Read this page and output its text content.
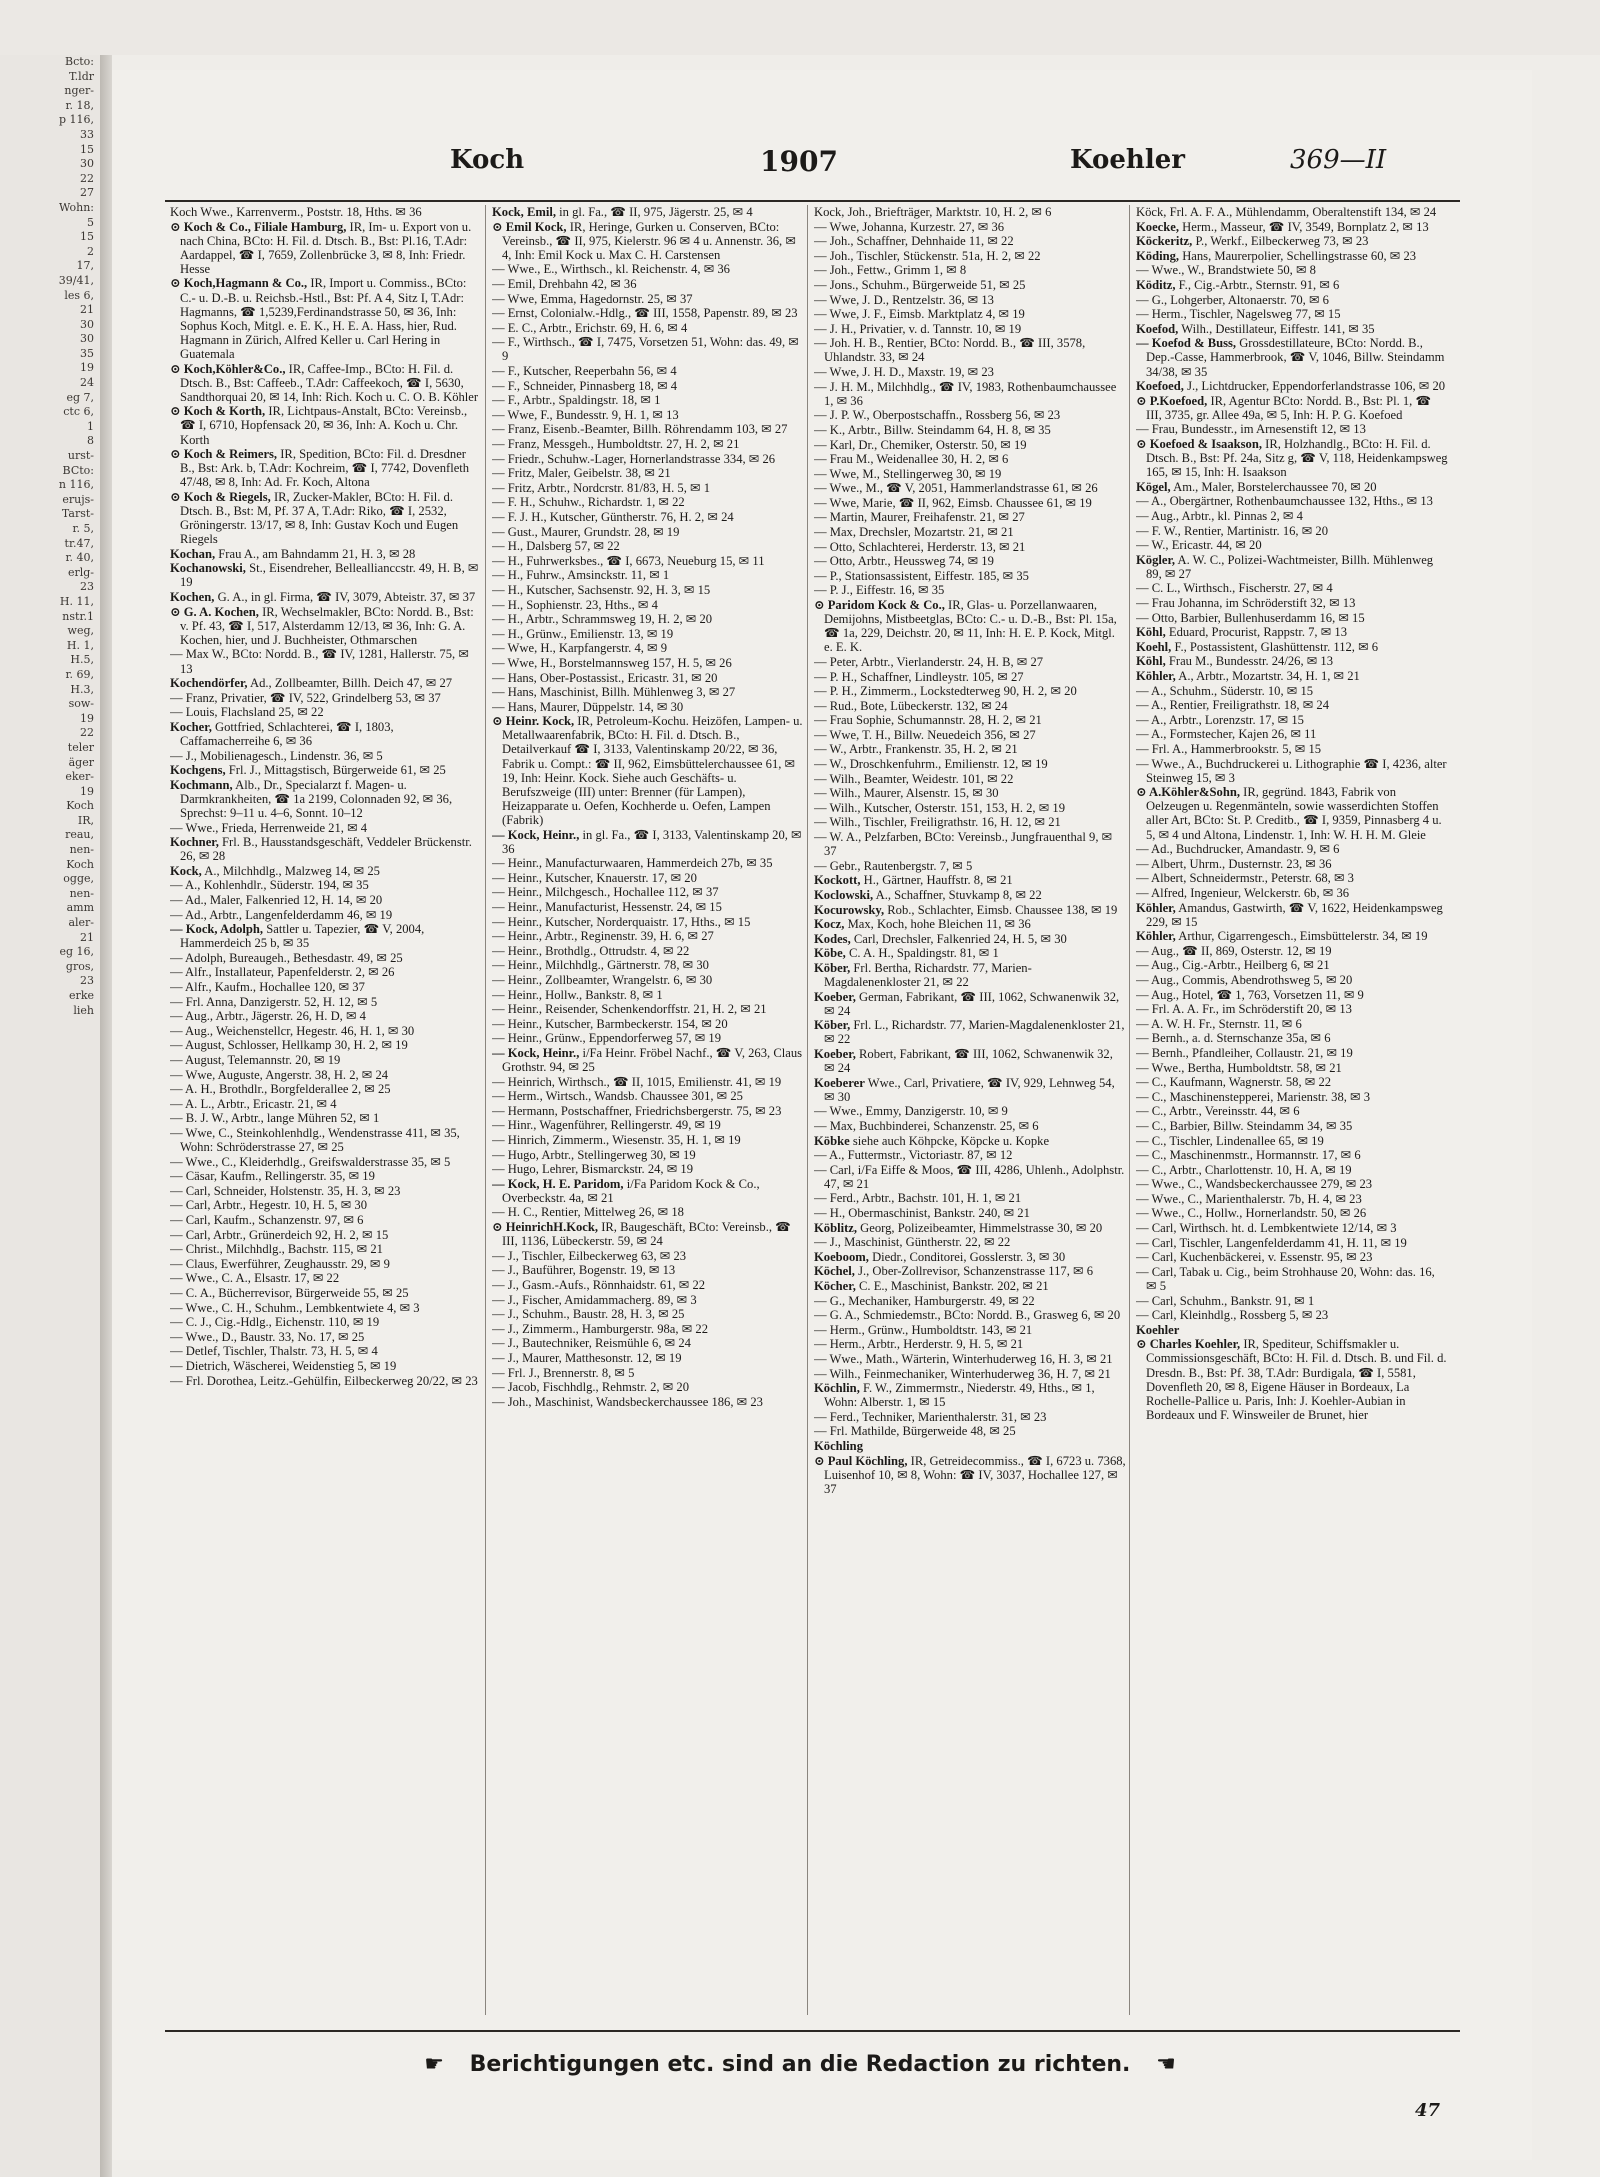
Bcto:
T.ldr
nger-
r. 18,
p 116,
33
15
30
22
27
Wohn:
5
15
2
17,
39/41,
les 6,
21
30
30
35
19
24
eg 7,
ctc 6,
1
8
urst-
BCto:
n 116,
erujs-
Tarst-
r. 5,
tr.47,
r. 40,
erlg-
23
H. 11,
nstr.1
weg,
H. 1,
H.5,
r. 69,
H.3,
sow-
19
22
teler
äger
eker-
19
Koch
IR,
reau,
nen-
Koch
ogge,
nen-
amm
aler-
21
eg 16,
gros,
23
erke
lieh
Koch	1907	Koehler	369—II
Koch Wwe., Karrenverm., Poststr. 18, Hths. ✉ 36
⊙ Koch & Co., Filiale Hamburg, IR, Im- u. Export von u. nach China, BCto: H. Fil. d. Dtsch. B., Bst: Pl.16, T.Adr: Aardappel, ☎ I, 7659, Zollenbrücke 3, ✉ 8, Inh: Friedr. Hesse
⊙ Koch,Hagmann & Co., IR, Import u. Commiss., BCto: C.- u. D.-B. u. Reichsb.-Hstl., Bst: Pf. A 4, Sitz I, T.Adr: Hagmanns, ☎ 1,5239,Ferdinandstrasse 50, ✉ 36, Inh: Sophus Koch, Mitgl. e. E. K., H. E. A. Hass, hier, Rud. Hagmann in Zürich, Alfred Keller u. Carl Hering in Guatemala
⊙ Koch,Köhler&Co., IR, Caffee-Imp., BCto: H. Fil. d. Dtsch. B., Bst: Caffeeb., T.Adr: Caffeekoch, ☎ I, 5630, Sandthorquai 20, ✉ 14, Inh: Rich. Koch u. C. O. B. Köhler
⊙ Koch & Korth, IR, Lichtpaus-Anstalt, BCto: Vereinsb., ☎ I, 6710, Hopfensack 20, ✉ 36, Inh: A. Koch u. Chr. Korth
⊙ Koch & Reimers, IR, Spedition, BCto: Fil. d. Dresdner B., Bst: Ark. b, T.Adr: Kochreim, ☎ I, 7742, Dovenfleth 47/48, ✉ 8, Inh: Ad. Fr. Koch, Altona
⊙ Koch & Riegels, IR, Zucker-Makler, BCto: H. Fil. d. Dtsch. B., Bst: M, Pf. 37 A, T.Adr: Riko, ☎ I, 2532, Gröningerstr. 13/17, ✉ 8, Inh: Gustav Koch und Eugen Riegels
Kochan, Frau A., am Bahndamm 21, H. 3, ✉ 28
Kochanowski, St., Eisendreher, Belleallianccstr. 49, H. B, ✉ 19
Kochen, G. A., in gl. Firma, ☎ IV, 3079, Abteistr. 37, ✉ 37
⊙ G. A. Kochen, IR, Wechselmakler, BCto: Nordd. B., Bst: v. Pf. 43, ☎ I, 517, Alsterdamm 12/13, ✉ 36, Inh: G. A. Kochen, hier, und J. Buchheister, Othmarschen
— Max W., BCto: Nordd. B., ☎ IV, 1281, Hallerstr. 75, ✉ 13
Kochendörfer, Ad., Zollbeamter, Billh. Deich 47, ✉ 27
— Franz, Privatier, ☎ IV, 522, Grindelberg 53, ✉ 37
— Louis, Flachsland 25, ✉ 22
Kocher, Gottfried, Schlachterei, ☎ I, 1803, Caffamacherreihe 6, ✉ 36
— J., Mobilienagesch., Lindenstr. 36, ✉ 5
Kochgens, Frl. J., Mittagstisch, Bürgerweide 61, ✉ 25
Kochmann, Alb., Dr., Specialarzt f. Magen- u. Darmkrankheiten, ☎ 1a 2199, Colonnaden 92, ✉ 36, Sprechst: 9–11 u. 4–6, Sonnt. 10–12
— Wwe., Frieda, Herrenweide 21, ✉ 4
Kochner, Frl. B., Hausstandsgeschäft, Veddeler Brückenstr. 26, ✉ 28
Kock, A., Milchhdlg., Malzweg 14, ✉ 25
— A., Kohlenhdlr., Süderstr. 194, ✉ 35
— Ad., Maler, Falkenried 12, H. 14, ✉ 20
— Ad., Arbtr., Langenfelderdamm 46, ✉ 19
— Kock, Adolph, Sattler u. Tapezier, ☎ V, 2004, Hammerdeich 25 b, ✉ 35
— Adolph, Bureaugeh., Bethesdastr. 49, ✉ 25
— Alfr., Installateur, Papenfelderstr. 2, ✉ 26
— Alfr., Kaufm., Hochallee 120, ✉ 37
— Frl. Anna, Danzigerstr. 52, H. 12, ✉ 5
— Aug., Arbtr., Jägerstr. 26, H. D, ✉ 4
— Aug., Weichenstellcr, Hegestr. 46, H. 1, ✉ 30
— August, Schlosser, Hellkamp 30, H. 2, ✉ 19
— August, Telemannstr. 20, ✉ 19
— Wwe, Auguste, Angerstr. 38, H. 2, ✉ 24
— A. H., Brothdlr., Borgfelderallee 2, ✉ 25
— A. L., Arbtr., Ericastr. 21, ✉ 4
— B. J. W., Arbtr., lange Mühren 52, ✉ 1
— Wwe, C., Steinkohlenhdlg., Wendenstrasse 411, ✉ 35, Wohn: Schröderstrasse 27, ✉ 25
— Wwe., C., Kleiderhdlg., Greifswalderstrasse 35, ✉ 5
— Cäsar, Kaufm., Rellingerstr. 35, ✉ 19
— Carl, Schneider, Holstenstr. 35, H. 3, ✉ 23
— Carl, Arbtr., Hegestr. 10, H. 5, ✉ 30
— Carl, Kaufm., Schanzenstr. 97, ✉ 6
— Carl, Arbtr., Grünerdeich 92, H. 2, ✉ 15
— Christ., Milchhdlg., Bachstr. 115, ✉ 21
— Claus, Ewerführer, Zeughausstr. 29, ✉ 9
— Wwe., C. A., Elsastr. 17, ✉ 22
— C. A., Bücherrevisor, Bürgerweide 55, ✉ 25
— Wwe., C. H., Schuhm., Lembkentwiete 4, ✉ 3
— C. J., Cig.-Hdlg., Eichenstr. 110, ✉ 19
— Wwe., D., Baustr. 33, No. 17, ✉ 25
— Detlef, Tischler, Thalstr. 73, H. 5, ✉ 4
— Dietrich, Wäscherei, Weidenstieg 5, ✉ 19
— Frl. Dorothea, Leitz.-Gehülfin, Eilbeckerweg 20/22, ✉ 23
Kock, Emil, in gl. Fa., ☎ II, 975, Jägerstr. 25, ✉ 4
⊙ Emil Kock, IR, Heringe, Gurken u. Conserven, BCto: Vereinsb., ☎ II, 975, Kielerstr. 96 ✉ 4 u. Annenstr. 36, ✉ 4, Inh: Emil Kock u. Max C. H. Carstensen
— Wwe., E., Wirthsch., kl. Reichenstr. 4, ✉ 36
— Emil, Drehbahn 42, ✉ 36
— Wwe, Emma, Hagedornstr. 25, ✉ 37
— Ernst, Colonialw.-Hdlg., ☎ III, 1558, Papenstr. 89, ✉ 23
— E. C., Arbtr., Erichstr. 69, H. 6, ✉ 4
— F., Wirthsch., ☎ I, 7475, Vorsetzen 51, Wohn: das. 49, ✉ 9
— F., Kutscher, Reeperbahn 56, ✉ 4
— F., Schneider, Pinnasberg 18, ✉ 4
— F., Arbtr., Spaldingstr. 18, ✉ 1
— Wwe, F., Bundesstr. 9, H. 1, ✉ 13
— Franz, Eisenb.-Beamter, Billh. Röhrendamm 103, ✉ 27
— Franz, Messgeh., Humboldtstr. 27, H. 2, ✉ 21
— Friedr., Schuhw.-Lager, Hornerlandstrasse 334, ✉ 26
— Fritz, Maler, Geibelstr. 38, ✉ 21
— Fritz, Arbtr., Nordcrstr. 81/83, H. 5, ✉ 1
— F. H., Schuhw., Richardstr. 1, ✉ 22
— F. J. H., Kutscher, Güntherstr. 76, H. 2, ✉ 24
— Gust., Maurer, Grundstr. 28, ✉ 19
— H., Dalsberg 57, ✉ 22
— H., Fuhrwerksbes., ☎ I, 6673, Neueburg 15, ✉ 11
— H., Fuhrw., Amsinckstr. 11, ✉ 1
— H., Kutscher, Sachsenstr. 92, H. 3, ✉ 15
— H., Sophienstr. 23, Hths., ✉ 4
— H., Arbtr., Schrammsweg 19, H. 2, ✉ 20
— H., Grünw., Emilienstr. 13, ✉ 19
— Wwe, H., Karpfangerstr. 4, ✉ 9
— Wwe, H., Borstelmannsweg 157, H. 5, ✉ 26
— Hans, Ober-Postassist., Ericastr. 31, ✉ 20
— Hans, Maschinist, Billh. Mühlenweg 3, ✉ 27
— Hans, Maurer, Düppelstr. 14, ✉ 30
⊙ Heinr. Kock, IR, Petroleum-Kochu. Heizöfen, Lampen- u. Metallwaarenfabrik, BCto: H. Fil. d. Dtsch. B., Detailverkauf ☎ I, 3133, Valentinskamp 20/22, ✉ 36, Fabrik u. Compt.: ☎ II, 962, Eimsbüttelerchaussee 61, ✉ 19, Inh: Heinr. Kock. Siehe auch Geschäfts- u. Berufszweige (III) unter: Brenner (für Lampen), Heizapparate u. Oefen, Kochherde u. Oefen, Lampen (Fabrik)
— Kock, Heinr., in gl. Fa., ☎ I, 3133, Valentinskamp 20, ✉ 36
— Heinr., Manufacturwaaren, Hammerdeich 27b, ✉ 35
— Heinr., Kutscher, Knauerstr. 17, ✉ 20
— Heinr., Milchgesch., Hochallee 112, ✉ 37
— Heinr., Manufacturist, Hessenstr. 24, ✉ 15
— Heinr., Kutscher, Norderquaistr. 17, Hths., ✉ 15
— Heinr., Arbtr., Reginenstr. 39, H. 6, ✉ 27
— Heinr., Brothdlg., Ottrudstr. 4, ✉ 22
— Heinr., Milchhdlg., Gärtnerstr. 78, ✉ 30
— Heinr., Zollbeamter, Wrangelstr. 6, ✉ 30
— Heinr., Hollw., Bankstr. 8, ✉ 1
— Heinr., Reisender, Schenkendorffstr. 21, H. 2, ✉ 21
— Heinr., Kutscher, Barmbeckerstr. 154, ✉ 20
— Heinr., Grünw., Eppendorferweg 57, ✉ 19
— Kock, Heinr., i/Fa Heinr. Fröbel Nachf., ☎ V, 263, Claus Grothstr. 94, ✉ 25
— Heinrich, Wirthsch., ☎ II, 1015, Emilienstr. 41, ✉ 19
— Herm., Wirtsch., Wandsb. Chaussee 301, ✉ 25
— Hermann, Postschaffner, Friedrichsbergerstr. 75, ✉ 23
— Hinr., Wagenführer, Rellingerstr. 49, ✉ 19
— Hinrich, Zimmerm., Wiesenstr. 35, H. 1, ✉ 19
— Hugo, Arbtr., Stellingerweg 30, ✉ 19
— Hugo, Lehrer, Bismarckstr. 24, ✉ 19
— Kock, H. E. Paridom, i/Fa Paridom Kock & Co., Overbeckstr. 4a, ✉ 21
— H. C., Rentier, Mittelweg 26, ✉ 18
⊙ HeinrichH.Kock, IR, Baugeschäft, BCto: Vereinsb., ☎ III, 1136, Lübeckerstr. 59, ✉ 24
— J., Tischler, Eilbeckerweg 63, ✉ 23
— J., Bauführer, Bogenstr. 19, ✉ 13
— J., Gasm.-Aufs., Rönnhaidstr. 61, ✉ 22
— J., Fischer, Amidammacherg. 89, ✉ 3
— J., Schuhm., Baustr. 28, H. 3, ✉ 25
— J., Zimmerm., Hamburgerstr. 98a, ✉ 22
— J., Bautechniker, Reismühle 6, ✉ 24
— J., Maurer, Matthesonstr. 12, ✉ 19
— Frl. J., Brennerstr. 8, ✉ 5
— Jacob, Fischhdlg., Rehmstr. 2, ✉ 20
— Joh., Maschinist, Wandsbeckerchaussee 186, ✉ 23
Kock, Joh., Briefträger, Marktstr. 10, H. 2, ✉ 6
— Wwe, Johanna, Kurzestr. 27, ✉ 36
— Joh., Schaffner, Dehnhaide 11, ✉ 22
— Joh., Tischler, Stückenstr. 51a, H. 2, ✉ 22
— Joh., Fettw., Grimm 1, ✉ 8
— Jons., Schuhm., Bürgerweide 51, ✉ 25
— Wwe, J. D., Rentzelstr. 36, ✉ 13
— Wwe, J. F., Eimsb. Marktplatz 4, ✉ 19
— J. H., Privatier, v. d. Tannstr. 10, ✉ 19
— Joh. H. B., Rentier, BCto: Nordd. B., ☎ III, 3578, Uhlandstr. 33, ✉ 24
— Wwe, J. H. D., Maxstr. 19, ✉ 23
— J. H. M., Milchhdlg., ☎ IV, 1983, Rothenbaumchaussee 1, ✉ 36
— J. P. W., Oberpostschaffn., Rossberg 56, ✉ 23
— K., Arbtr., Billw. Steindamm 64, H. 8, ✉ 35
— Karl, Dr., Chemiker, Osterstr. 50, ✉ 19
— Frau M., Weidenallee 30, H. 2, ✉ 6
— Wwe, M., Stellingerweg 30, ✉ 19
— Wwe., M., ☎ V, 2051, Hammerlandstrasse 61, ✉ 26
— Wwe, Marie, ☎ II, 962, Eimsb. Chaussee 61, ✉ 19
— Martin, Maurer, Freihafenstr. 21, ✉ 27
— Max, Drechsler, Mozartstr. 21, ✉ 21
— Otto, Schlachterei, Herderstr. 13, ✉ 21
— Otto, Arbtr., Heussweg 74, ✉ 19
— P., Stationsassistent, Eiffestr. 185, ✉ 35
— P. J., Eiffestr. 16, ✉ 35
⊙ Paridom Kock & Co., IR, Glas- u. Porzellanwaaren, Demijohns, Mistbeetglas, BCto: C.- u. D.-B., Bst: Pl. 15a, ☎ 1a, 229, Deichstr. 20, ✉ 11, Inh: H. E. P. Kock, Mitgl. e. E. K.
— Peter, Arbtr., Vierlanderstr. 24, H. B, ✉ 27
— P. H., Schaffner, Lindleystr. 105, ✉ 27
— P. H., Zimmerm., Lockstedterweg 90, H. 2, ✉ 20
— Rud., Bote, Lübeckerstr. 132, ✉ 24
— Frau Sophie, Schumannstr. 28, H. 2, ✉ 21
— Wwe, T. H., Billw. Neuedeich 356, ✉ 27
— W., Arbtr., Frankenstr. 35, H. 2, ✉ 21
— W., Droschkenfuhrm., Emilienstr. 12, ✉ 19
— Wilh., Beamter, Weidestr. 101, ✉ 22
— Wilh., Maurer, Alsenstr. 15, ✉ 30
— Wilh., Kutscher, Osterstr. 151, 153, H. 2, ✉ 19
— Wilh., Tischler, Freiligrathstr. 16, H. 12, ✉ 21
— W. A., Pelzfarben, BCto: Vereinsb., Jungfrauenthal 9, ✉ 37
— Gebr., Rautenbergstr. 7, ✉ 5
Kockott, H., Gärtner, Hauffstr. 8, ✉ 21
Koclowski, A., Schaffner, Stuvkamp 8, ✉ 22
Kocurowsky, Rob., Schlachter, Eimsb. Chaussee 138, ✉ 19
Kocz, Max, Koch, hohe Bleichen 11, ✉ 36
Kodes, Carl, Drechsler, Falkenried 24, H. 5, ✉ 30
Köbe, C. A. H., Spaldingstr. 81, ✉ 1
Köber, Frl. Bertha, Richardstr. 77, Marien-Magdalenenkloster 21, ✉ 22
Koeber, German, Fabrikant, ☎ III, 1062, Schwanenwik 32, ✉ 24
Köber, Frl. L., Richardstr. 77, Marien-Magdalenenkloster 21, ✉ 22
Koeber, Robert, Fabrikant, ☎ III, 1062, Schwanenwik 32, ✉ 24
Koeberer Wwe., Carl, Privatiere, ☎ IV, 929, Lehnweg 54, ✉ 30
— Wwe., Emmy, Danzigerstr. 10, ✉ 9
— Max, Buchbinderei, Schanzenstr. 25, ✉ 6
Köbke siehe auch Köhpcke, Köpcke u. Kopke
— A., Futtermstr., Victoriastr. 87, ✉ 12
— Carl, i/Fa Eiffe & Moos, ☎ III, 4286, Uhlenh., Adolphstr. 47, ✉ 21
— Ferd., Arbtr., Bachstr. 101, H. 1, ✉ 21
— H., Obermaschinist, Bankstr. 240, ✉ 21
Köblitz, Georg, Polizeibeamter, Himmelstrasse 30, ✉ 20
— J., Maschinist, Güntherstr. 22, ✉ 22
Koeboom, Diedr., Conditorei, Gosslerstr. 3, ✉ 30
Köchel, J., Ober-Zollrevisor, Schanzenstrasse 117, ✉ 6
Köcher, C. E., Maschinist, Bankstr. 202, ✉ 21
— G., Mechaniker, Hamburgerstr. 49, ✉ 22
— G. A., Schmiedemstr., BCto: Nordd. B., Grasweg 6, ✉ 20
— Herm., Grünw., Humboldtstr. 143, ✉ 21
— Herm., Arbtr., Herderstr. 9, H. 5, ✉ 21
— Wwe., Math., Wärterin, Winterhuderweg 16, H. 3, ✉ 21
— Wilh., Feinmechaniker, Winterhuderweg 36, H. 7, ✉ 21
Köchlin, F. W., Zimmermstr., Niederstr. 49, Hths., ✉ 1, Wohn: Alberstr. 1, ✉ 15
— Ferd., Techniker, Marienthalerstr. 31, ✉ 23
— Frl. Mathilde, Bürgerweide 48, ✉ 25
Köchling
⊙ Paul Köchling, IR, Getreidecommiss., ☎ I, 6723 u. 7368, Luisenhof 10, ✉ 8, Wohn: ☎ IV, 3037, Hochallee 127, ✉ 37
Köck, Frl. A. F. A., Mühlendamm, Oberaltenstift 134, ✉ 24
Koecke, Herm., Masseur, ☎ IV, 3549, Bornplatz 2, ✉ 13
Köckeritz, P., Werkf., Eilbeckerweg 73, ✉ 23
Köding, Hans, Maurerpolier, Schellingstrasse 60, ✉ 23
— Wwe., W., Brandstwiete 50, ✉ 8
Köditz, F., Cig.-Arbtr., Sternstr. 91, ✉ 6
— G., Lohgerber, Altonaerstr. 70, ✉ 6
— Herm., Tischler, Nagelsweg 77, ✉ 15
Koefod, Wilh., Destillateur, Eiffestr. 141, ✉ 35
— Koefod & Buss, Grossdestillateure, BCto: Nordd. B., Dep.-Casse, Hammerbrook, ☎ V, 1046, Billw. Steindamm 34/38, ✉ 35
Koefoed, J., Lichtdrucker, Eppendorferlandstrasse 106, ✉ 20
⊙ P.Koefoed, IR, Agentur BCto: Nordd. B., Bst: Pl. 1, ☎ III, 3735, gr. Allee 49a, ✉ 5, Inh: H. P. G. Koefoed
— Frau, Bundesstr., im Arnesenstift 12, ✉ 13
⊙ Koefoed & Isaakson, IR, Holzhandlg., BCto: H. Fil. d. Dtsch. B., Bst: Pf. 24a, Sitz g, ☎ V, 118, Heidenkampsweg 165, ✉ 15, Inh: H. Isaakson
Kögel, Am., Maler, Borstelerchaussee 70, ✉ 20
— A., Obergärtner, Rothenbaumchaussee 132, Hths., ✉ 13
— Aug., Arbtr., kl. Pinnas 2, ✉ 4
— F. W., Rentier, Martinistr. 16, ✉ 20
— W., Ericastr. 44, ✉ 20
Kögler, A. W. C., Polizei-Wachtmeister, Billh. Mühlenweg 89, ✉ 27
— C. L., Wirthsch., Fischerstr. 27, ✉ 4
— Frau Johanna, im Schröderstift 32, ✉ 13
— Otto, Barbier, Bullenhuserdamm 16, ✉ 15
Köhl, Eduard, Procurist, Rappstr. 7, ✉ 13
Koehl, F., Postassistent, Glashüttenstr. 112, ✉ 6
Köhl, Frau M., Bundesstr. 24/26, ✉ 13
Köhler, A., Arbtr., Mozartstr. 34, H. 1, ✉ 21
— A., Schuhm., Süderstr. 10, ✉ 15
— A., Rentier, Freiligrathstr. 18, ✉ 24
— A., Arbtr., Lorenzstr. 17, ✉ 15
— A., Formstecher, Kajen 26, ✉ 11
— Frl. A., Hammerbrookstr. 5, ✉ 15
— Wwe., A., Buchdruckerei u. Lithographie ☎ I, 4236, alter Steinweg 15, ✉ 3
⊙ A.Köhler&Sohn, IR, gegründ. 1843, Fabrik von Oelzeugen u. Regenmänteln, sowie wasserdichten Stoffen aller Art, BCto: St. P. Creditb., ☎ I, 9359, Pinnasberg 4 u. 5, ✉ 4 und Altona, Lindenstr. 1, Inh: W. H. H. M. Gleie
— Ad., Buchdrucker, Amandastr. 9, ✉ 6
— Albert, Uhrm., Dusternstr. 23, ✉ 36
— Albert, Schneidermstr., Peterstr. 68, ✉ 3
— Alfred, Ingenieur, Welckerstr. 6b, ✉ 36
Köhler, Amandus, Gastwirth, ☎ V, 1622, Heidenkampsweg 229, ✉ 15
Köhler, Arthur, Cigarrengesch., Eimsbüttelerstr. 34, ✉ 19
— Aug., ☎ II, 869, Osterstr. 12, ✉ 19
— Aug., Cig.-Arbtr., Heilberg 6, ✉ 21
— Aug., Commis, Abendrothsweg 5, ✉ 20
— Aug., Hotel, ☎ 1, 763, Vorsetzen 11, ✉ 9
— Frl. A. A. Fr., im Schröderstift 20, ✉ 13
— A. W. H. Fr., Sternstr. 11, ✉ 6
— Bernh., a. d. Sternschanze 35a, ✉ 6
— Bernh., Pfandleiher, Collaustr. 21, ✉ 19
— Wwe., Bertha, Humboldtstr. 58, ✉ 21
— C., Kaufmann, Wagnerstr. 58, ✉ 22
— C., Maschinenstepperei, Marienstr. 38, ✉ 3
— C., Arbtr., Vereinsstr. 44, ✉ 6
— C., Barbier, Billw. Steindamm 34, ✉ 35
— C., Tischler, Lindenallee 65, ✉ 19
— C., Maschinenmstr., Hormannstr. 17, ✉ 6
— C., Arbtr., Charlottenstr. 10, H. A, ✉ 19
— Wwe., C., Wandsbeckerchaussee 279, ✉ 23
— Wwe., C., Marienthalerstr. 7b, H. 4, ✉ 23
— Wwe., C., Hollw., Hornerlandstr. 50, ✉ 26
— Carl, Wirthsch. ht. d. Lembkentwiete 12/14, ✉ 3
— Carl, Tischler, Langenfelderdamm 41, H. 11, ✉ 19
— Carl, Kuchenbäckerei, v. Essenstr. 95, ✉ 23
— Carl, Tabak u. Cig., beim Strohhause 20, Wohn: das. 16, ✉ 5
— Carl, Schuhm., Bankstr. 91, ✉ 1
— Carl, Kleinhdlg., Rossberg 5, ✉ 23
Koehler
⊙ Charles Koehler, IR, Spediteur, Schiffsmakler u. Commissionsgeschäft, BCto: H. Fil. d. Dtsch. B. und Fil. d. Dresdn. B., Bst: Pf. 38, T.Adr: Burdigala, ☎ I, 5581, Dovenfleth 20, ✉ 8, Eigene Häuser in Bordeaux, La Rochelle-Pallice u. Paris, Inh: J. Koehler-Aubian in Bordeaux und F. Winsweiler de Brunet, hier
☛ Berichtigungen etc. sind an die Redaction zu richten. ☚
47
